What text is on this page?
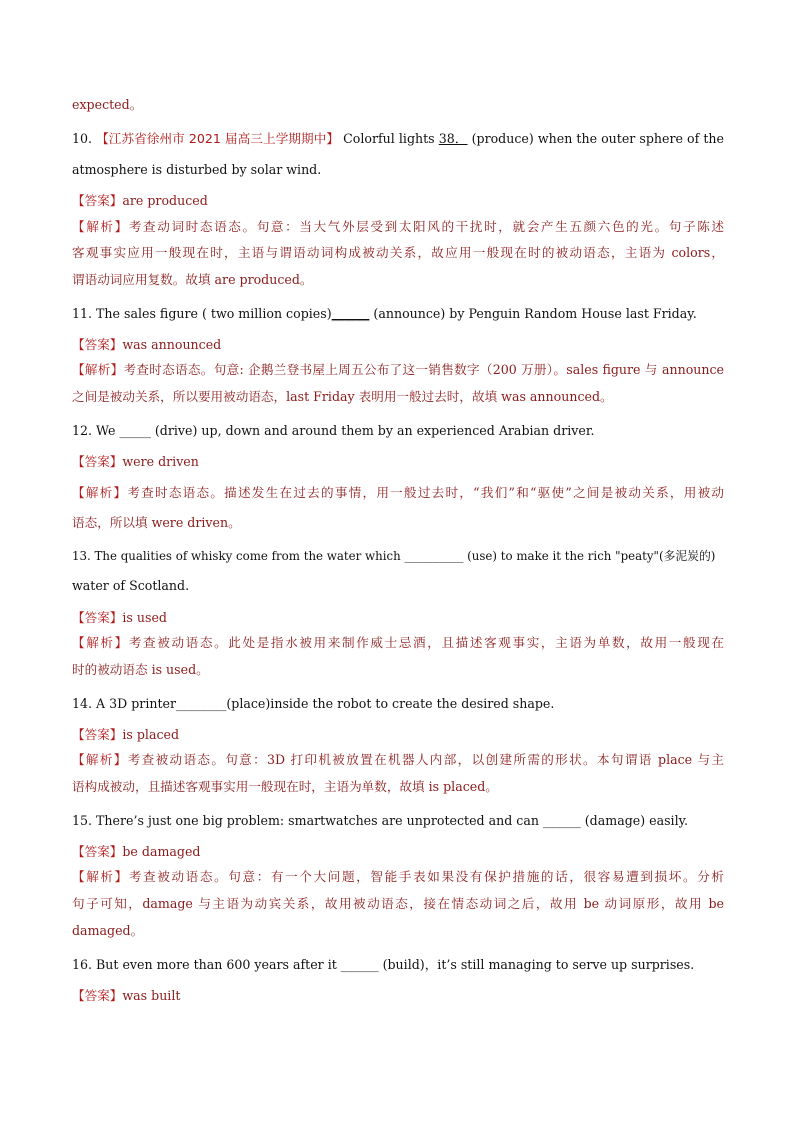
expected。
10. 【江苏省徐州市 2021 届高三上学期期中】 Colorful lights 38． (produce) when the outer sphere of the
atmosphere is disturbed by solar wind.
【答案】are produced
【解析】考查动词时态语态。句意：当大气外层受到太阳风的干扰时，就会产生五颜六色的光。句子陈述
客观事实应用一般现在时，主语与谓语动词构成被动关系，故应用一般现在时的被动语态，主语为 colors，
谓语动词应用复数。故填 are produced。
11. The sales figure ( two million copies)______ (announce) by Penguin Random House last Friday.
【答案】was announced
【解析】考查时态语态。句意: 企鹅兰登书屋上周五公布了这一销售数字（200 万册）。sales figure 与 announce
之间是被动关系，所以要用被动语态，last Friday 表明用一般过去时，故填 was announced。
12. We _____ (drive) up, down and around them by an experienced Arabian driver.
【答案】were driven
【解析】考查时态语态。描述发生在过去的事情，用一般过去时，“我们”和“驱使”之间是被动关系，用被动
语态，所以填 were driven。
13. The qualities of whisky come from the water which __________ (use) to make it the rich "peaty"(多泥炭的)
water of Scotland.
【答案】is used
【解析】考查被动语态。此处是指水被用来制作威士忌酒，且描述客观事实，主语为单数，故用一般现在
时的被动语态 is used。
14. A 3D printer________(place)inside the robot to create the desired shape.
【答案】is placed
【解析】考查被动语态。句意：3D 打印机被放置在机器人内部，以创建所需的形状。本句谓语 place 与主
语构成被动，且描述客观事实用一般现在时，主语为单数，故填 is placed。
15. There’s just one big problem: smartwatches are unprotected and can ______ (damage) easily.
【答案】be damaged
【解析】考查被动语态。句意：有一个大问题，智能手表如果没有保护措施的话，很容易遭到损坏。分析
句子可知，damage 与主语为动宾关系，故用被动语态，接在情态动词之后，故用 be 动词原形，故用 be
damaged。
16. But even more than 600 years after it ______ (build)，it’s still managing to serve up surprises.
【答案】was built
